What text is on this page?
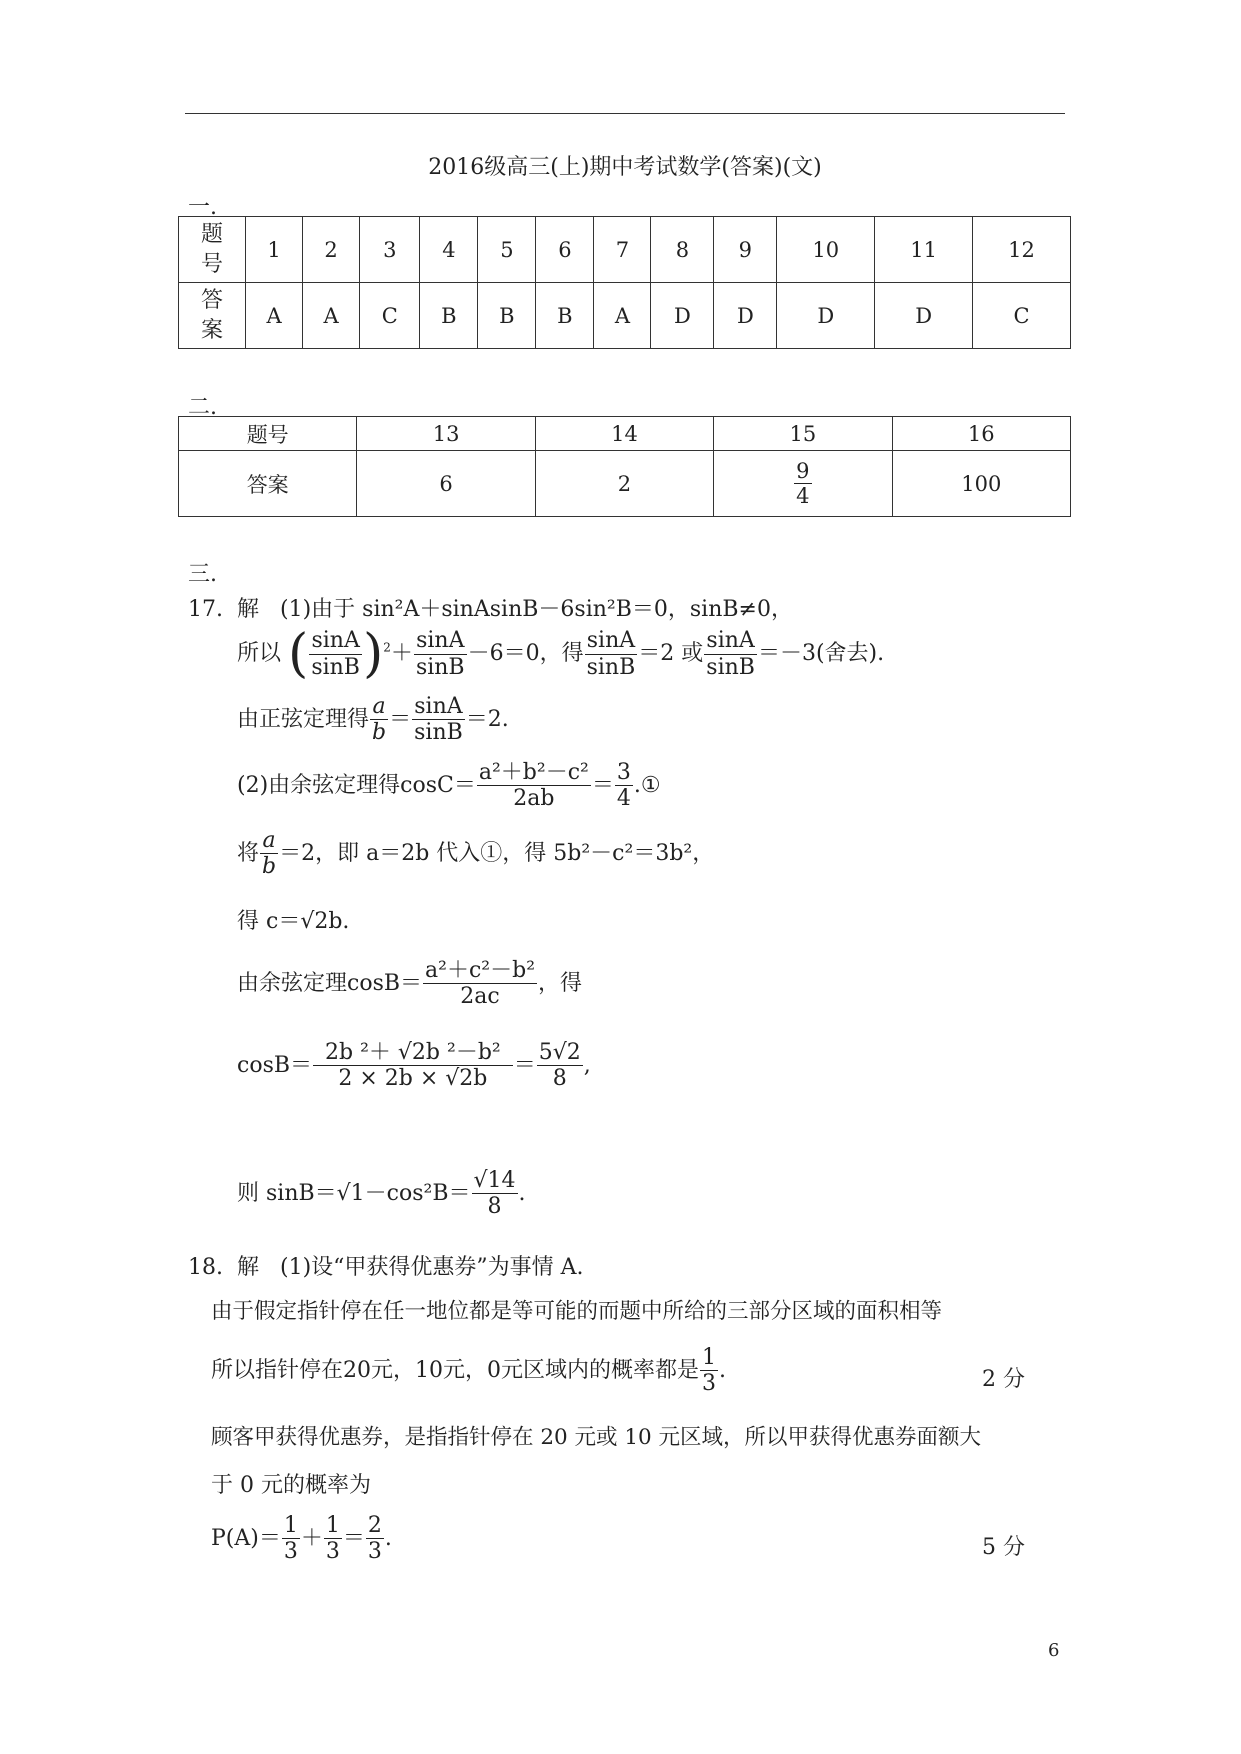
2016级高三(上)期中考试数学(答案)(文)
一.
题号	1	2	3	4	5	6	7	8	9	10	11	12
答案	A	A	C	B	B	B	A	D	D	D	D	C
二.
题号	13	14	15	16
答案	6	2	$\frac{9}{4}$	100
三.
17. 解 (1)由于 sin²A＋sinAsinB－6sin²B＝0，sinB≠0，
所以 ( $\frac{\sin A}{\sin B} )^2+ \frac{\sin A}{\sin B} -6=0$，得 $\frac{\sin A}{\sin B} =2$ 或 $\frac{\sin A}{\sin B} =-3$(舍去).
由正弦定理得 $\frac{a}{b} = \frac{\sin A}{\sin B} =2$.
(2)由余弦定理得$\cos C= \frac{\text{a²＋b²－c²}}{2ab} = \frac{3}{4}$ .①
将 $\frac{a}{b} =2$，即 a＝2b 代入①，得 5b²－c²＝3b²，
得 c＝√2b.
由余弦定理$\cos B= \frac{\text{a²＋c²－b²}}{2ac}$ ，得
$\cos B= \frac{\text{2b ²＋ √2b ²－b²}}{2 \times 2b \times √2b} = \frac{5√2}{8}$ ,
则 $\sin B=√1-\cos^2B= \frac{√14}{8}$ .
18. 解 (1)设“甲获得优惠券”为事情 A.
由于假定指针停在任一地位都是等可能的而题中所给的三部分区域的面积相等
所以指针停在20元，10元，0元区域内的概率都是 $\frac{1}{3}$ .	2 分
顾客甲获得优惠券，是指指针停在 20 元或 10 元区域，所以甲获得优惠券面额大
于 0 元的概率为
$P(A)= \frac{1}{3} + \frac{1}{3} = \frac{2}{3}$ .	5 分
6
